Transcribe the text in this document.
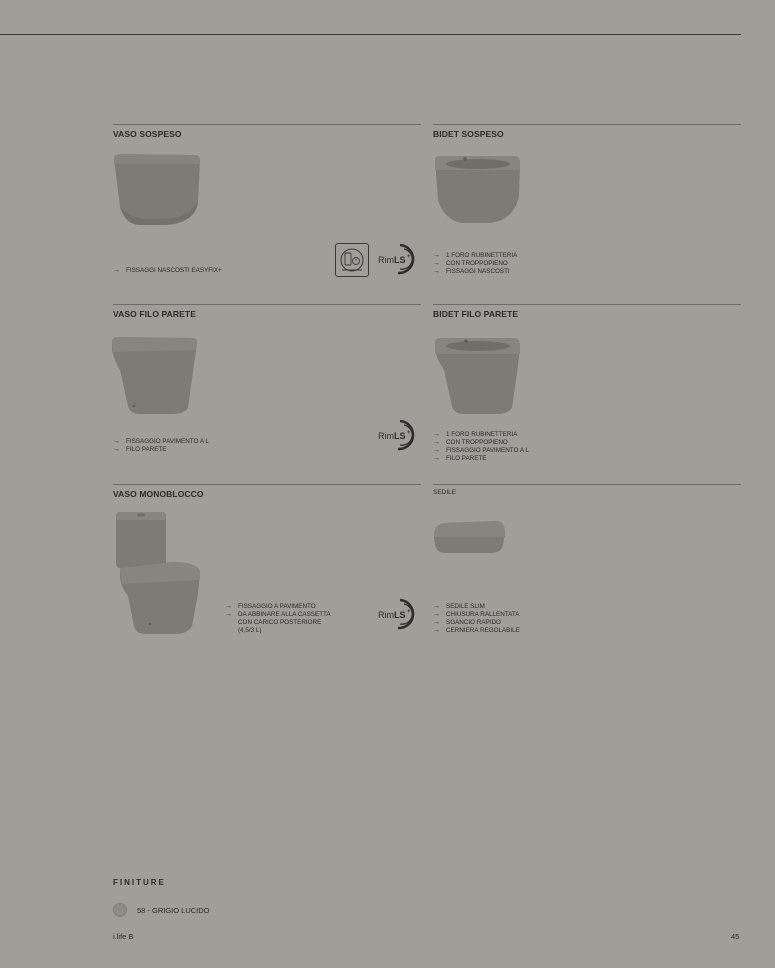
VASO SOSPESO	BIDET SOSPESO
Rim LS +
→ FISSAGGI NASCOSTI EASYFIX+
→ 1 FORO RUBINETTERIA
→ CON TROPPOPIENO
→ FISSAGGI NASCOSTI
VASO FILO PARETE	BIDET FILO PARETE
Rim LS +
→ FISSAGGIO PAVIMENTO A L
→ FILO PARETE
→ 1 FORO RUBINETTERIA
→ CON TROPPOPIENO
→ FISSAGGIO PAVIMENTO A L
→ FILO PARETE
VASO MONOBLOCCO	SEDILE
→ FISSAGGIO A PAVIMENTO
→ DA ABBINARE ALLA CASSETTA CON CARICO POSTERIORE (4,5/3 L)
Rim LS +
→ SEDILE SLIM
→ CHIUSURA RALLENTATA
→ SGANCIO RAPIDO
→ CERNIERA REGOLABILE
FINITURE
58 - GRIGIO LUCIDO
i.life B	45
